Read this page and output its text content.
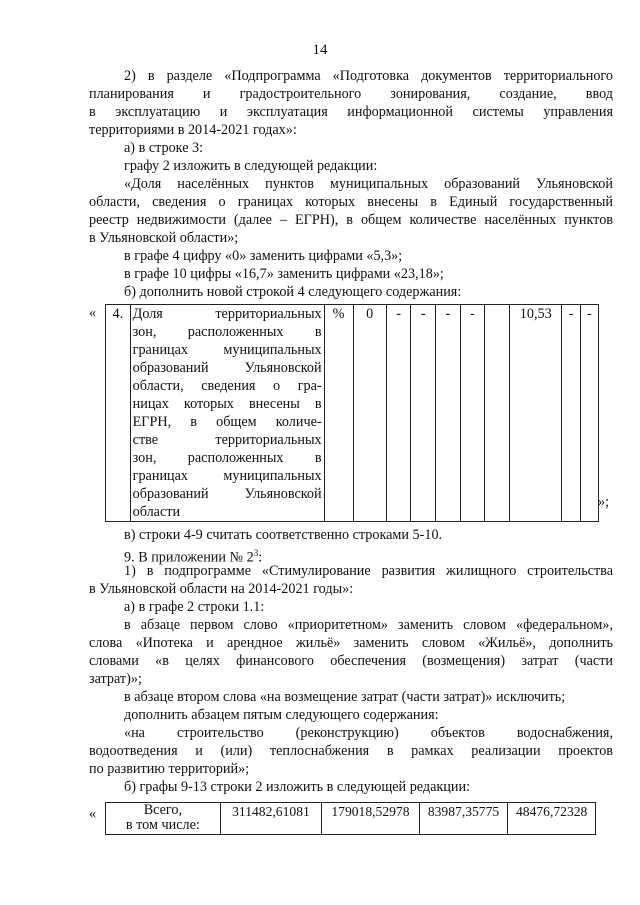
14
2) в разделе «Подпрограмма «Подготовка документов территориального
планирования и градостроительного зонирования, создание, ввод
в эксплуатацию и эксплуатация информационной системы управления
территориями в 2014-2021 годах»:
а) в строке 3:
графу 2 изложить в следующей редакции:
«Доля населённых пунктов муниципальных образований Ульяновской
области, сведения о границах которых внесены в Единый государственный
реестр недвижимости (далее – ЕГРН), в общем количестве населённых пунктов
в Ульяновской области»;
в графе 4 цифру «0» заменить цифрами «5,3»;
в графе 10 цифры «16,7» заменить цифрами «23,18»;
б) дополнить новой строкой 4 следующего содержания:
« 4.	Доля территориальных
зон, расположенных в
границах муниципальных
образований Ульяновской
области, сведения о гра-
ницах которых внесены в
ЕГРН, в общем количе-
стве территориальных
зон, расположенных в
границах муниципальных
образований Ульяновской
области
	%	0	-	-	-	-		10,53	-	-
»;
в) строки 4-9 считать соответственно строками 5-10.
9. В приложении № $2^3$:
1) в подпрограмме «Стимулирование развития жилищного строительства
в Ульяновской области на 2014-2021 годы»:
а) в графе 2 строки 1.1:
в абзаце первом слово «приоритетном» заменить словом «федеральном»,
слова «Ипотека и арендное жильё» заменить словом «Жильё», дополнить
словами «в целях финансового обеспечения (возмещения) затрат (части
затрат)»;
в абзаце втором слова «на возмещение затрат (части затрат)» исключить;
дополнить абзацем пятым следующего содержания:
«на строительство (реконструкцию) объектов водоснабжения,
водоотведения и (или) теплоснабжения в рамках реализации проектов
по развитию территорий»;
б) графы 9-13 строки 2 изложить в следующей редакции:
«	Всего,
в том числе:
	311482,61081	179018,52978	83987,35775	48476,72328
